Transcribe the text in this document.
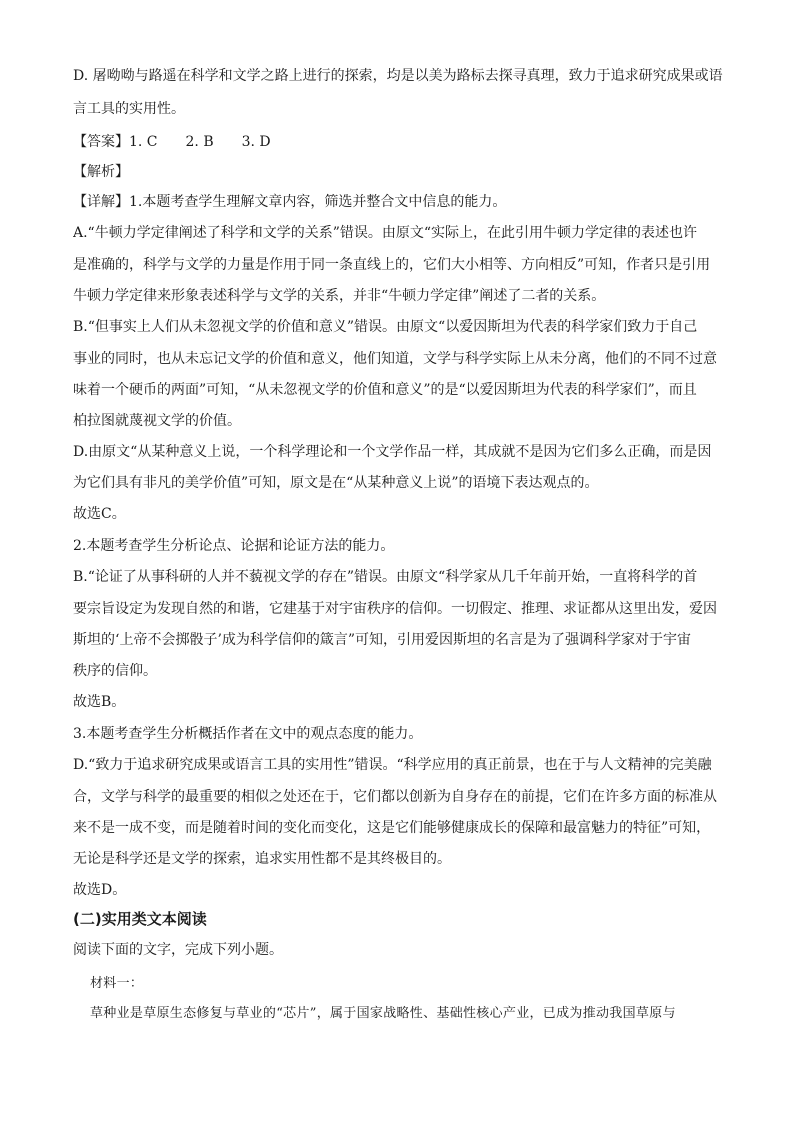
D. 屠呦呦与路遥在科学和文学之路上进行的探索，均是以美为路标去探寻真理，致力于追求研究成果或语
言工具的实用性。
【答案】1. C　　2. B　　3. D
【解析】
【详解】1.本题考查学生理解文章内容，筛选并整合文中信息的能力。
A.“牛顿力学定律阐述了科学和文学的关系”错误。由原文“实际上，在此引用牛顿力学定律的表述也许
是准确的，科学与文学的力量是作用于同一条直线上的，它们大小相等、方向相反”可知，作者只是引用
牛顿力学定律来形象表述科学与文学的关系，并非“牛顿力学定律”阐述了二者的关系。
B.“但事实上人们从未忽视文学的价值和意义”错误。由原文“以爱因斯坦为代表的科学家们致力于自己
事业的同时，也从未忘记文学的价值和意义，他们知道，文学与科学实际上从未分离，他们的不同不过意
味着一个硬币的两面”可知，“从未忽视文学的价值和意义”的是“以爱因斯坦为代表的科学家们”，而且
柏拉图就蔑视文学的价值。
D.由原文“从某种意义上说，一个科学理论和一个文学作品一样，其成就不是因为它们多么正确，而是因
为它们具有非凡的美学价值”可知，原文是在“从某种意义上说”的语境下表达观点的。
故选C。
2.本题考查学生分析论点、论据和论证方法的能力。
B.“论证了从事科研的人并不藐视文学的存在”错误。由原文“科学家从几千年前开始，一直将科学的首
要宗旨设定为发现自然的和谐，它建基于对宇宙秩序的信仰。一切假定、推理、求证都从这里出发，爱因
斯坦的‘上帝不会掷骰子’成为科学信仰的箴言”可知，引用爱因斯坦的名言是为了强调科学家对于宇宙
秩序的信仰。
故选B。
3.本题考查学生分析概括作者在文中的观点态度的能力。
D.“致力于追求研究成果或语言工具的实用性”错误。“科学应用的真正前景，也在于与人文精神的完美融
合，文学与科学的最重要的相似之处还在于，它们都以创新为自身存在的前提，它们在许多方面的标准从
来不是一成不变，而是随着时间的变化而变化，这是它们能够健康成长的保障和最富魅力的特征”可知，
无论是科学还是文学的探索，追求实用性都不是其终极目的。
故选D。
(二)实用类文本阅读
阅读下面的文字，完成下列小题。
材料一：
草种业是草原生态修复与草业的“芯片”，属于国家战略性、基础性核心产业，已成为推动我国草原与
